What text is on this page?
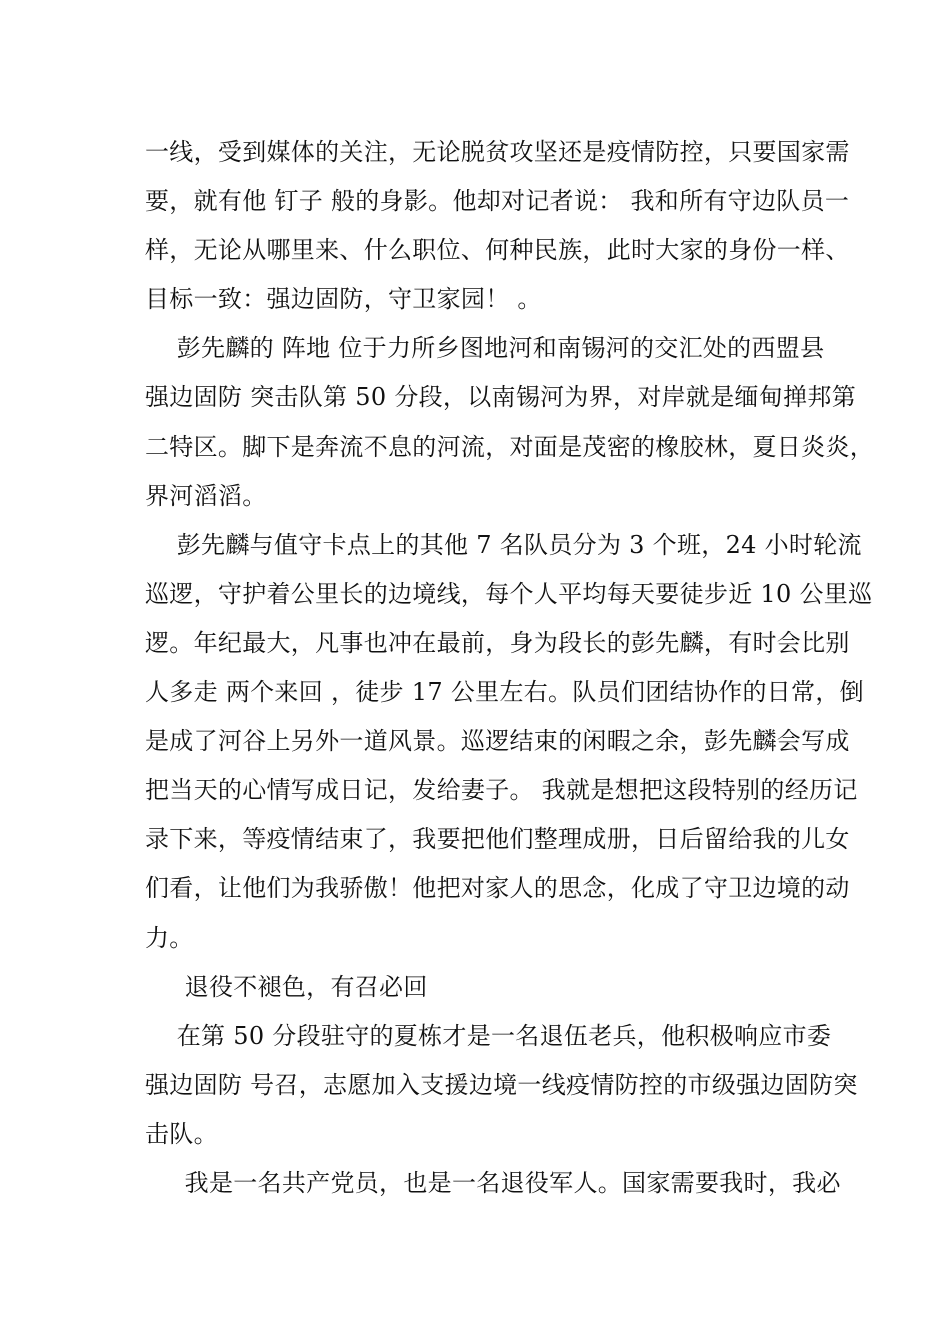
一线，受到媒体的关注，无论脱贫攻坚还是疫情防控，只要国家需
要，就有他 钉子 般的身影。他却对记者说： 我和所有守边队员一
样，无论从哪里来、什么职位、何种民族，此时大家的身份一样、
目标一致：强边固防，守卫家园！ 。
彭先麟的 阵地 位于力所乡图地河和南锡河的交汇处的西盟县
强边固防 突击队第 50 分段，以南锡河为界，对岸就是缅甸掸邦第
二特区。脚下是奔流不息的河流，对面是茂密的橡胶林，夏日炎炎，
界河滔滔。
彭先麟与值守卡点上的其他 7 名队员分为 3 个班，24 小时轮流
巡逻，守护着公里长的边境线，每个人平均每天要徒步近 10 公里巡
逻。年纪最大，凡事也冲在最前，身为段长的彭先麟，有时会比别
人多走 两个来回 ，徒步 17 公里左右。队员们团结协作的日常，倒
是成了河谷上另外一道风景。巡逻结束的闲暇之余，彭先麟会写成
把当天的心情写成日记，发给妻子。 我就是想把这段特别的经历记
录下来，等疫情结束了，我要把他们整理成册，日后留给我的儿女
们看，让他们为我骄傲！他把对家人的思念，化成了守卫边境的动
力。
退役不褪色，有召必回
在第 50 分段驻守的夏栋才是一名退伍老兵，他积极响应市委
强边固防 号召，志愿加入支援边境一线疫情防控的市级强边固防突
击队。
我是一名共产党员，也是一名退役军人。国家需要我时，我必
